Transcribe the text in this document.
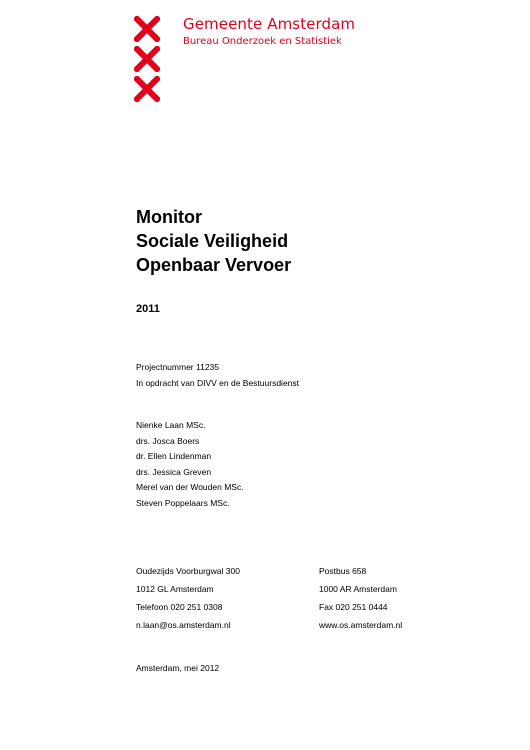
Gemeente Amsterdam
Bureau Onderzoek en Statistiek
Monitor
Sociale Veiligheid
Openbaar Vervoer
2011
Projectnummer 11235
In opdracht van DIVV en de Bestuursdienst
Nienke Laan MSc.
drs. Josca Boers
dr. Ellen Lindenman
drs. Jessica Greven
Merel van der Wouden MSc.
Steven Poppelaars MSc.
Oudezijds Voorburgwal 300
1012 GL Amsterdam
Telefoon 020 251 0308
n.laan@os.amsterdam.nl
Postbus 658
1000 AR Amsterdam
Fax 020 251 0444
www.os.amsterdam.nl
Amsterdam, mei 2012
